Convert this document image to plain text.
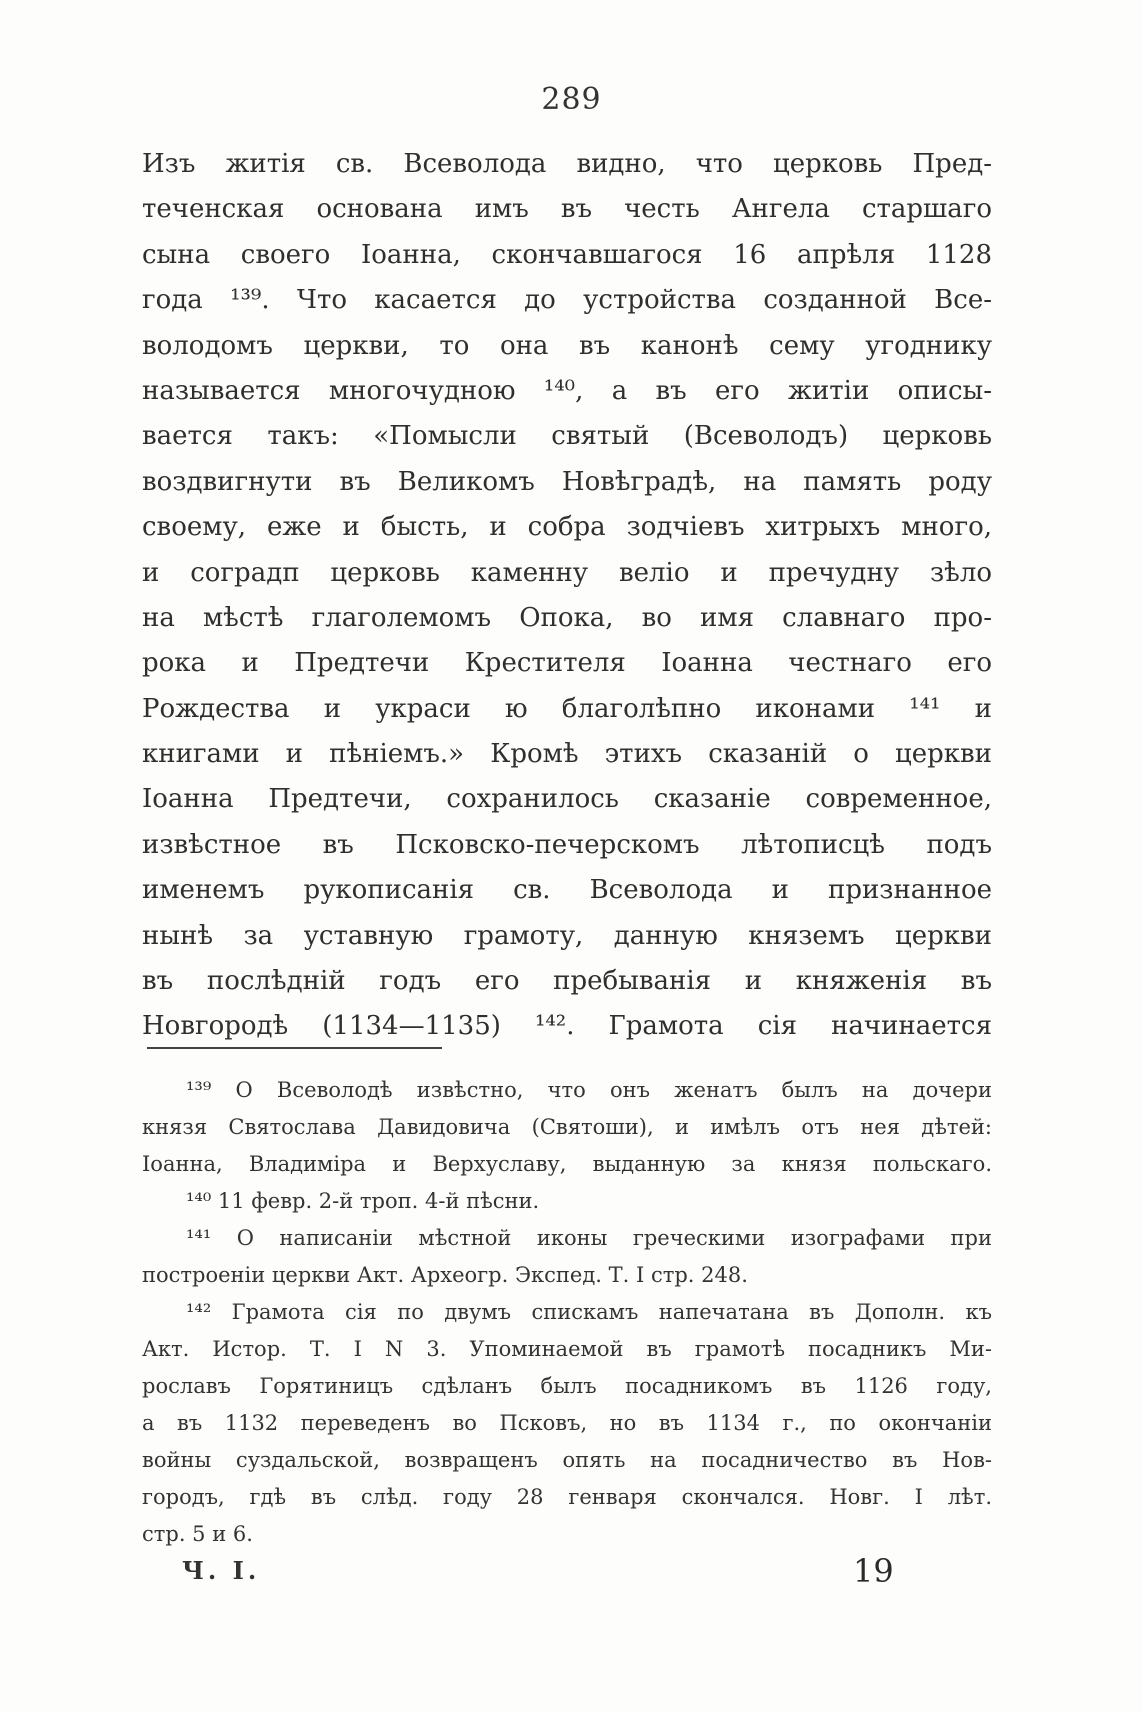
289
Изъ житія св. Всеволода видно, что церковь Пред-
теченская основана имъ въ честь Ангела старшаго
сына своего Іоанна, скончавшагося 16 апрѣля 1128
года ¹³⁹. Что касается до устройства созданной Все-
володомъ церкви, то она въ канонѣ сему угоднику
называется многочудною ¹⁴⁰, а въ его житіи описы-
вается такъ: «Помысли святый (Всеволодъ) церковь
воздвигнути въ Великомъ Новѣградѣ, на память роду
своему, еже и бысть, и собра зодчіевъ хитрыхъ много,
и соградп церковь каменну веліо и пречудну зѣло
на мѣстѣ глаголемомъ Опока, во имя славнаго про-
рока и Предтечи Крестителя Іоанна честнаго его
Рождества и украси ю благолѣпно иконами ¹⁴¹ и
книгами и пѣніемъ.» Кромѣ этихъ сказаній о церкви
Іоанна Предтечи, сохранилось сказаніе современное,
извѣстное въ Псковско-печерскомъ лѣтописцѣ подъ
именемъ рукописанія св. Всеволода и признанное
нынѣ за уставную грамоту, данную княземъ церкви
въ послѣдній годъ его пребыванія и княженія въ
Новгородѣ (1134—1135) ¹⁴². Грамота сія начинается
¹³⁹ О Всеволодѣ извѣстно, что онъ женатъ былъ на дочери
князя Святослава Давидовича (Святоши), и имѣлъ отъ нея дѣтей:
Іоанна, Владиміра и Верхуславу, выданную за князя польскаго.
¹⁴⁰ 11 февр. 2-й троп. 4-й пѣсни.
¹⁴¹ О написаніи мѣстной иконы греческими изографами при
построеніи церкви Акт. Археогр. Экспед. Т. I стр. 248.
¹⁴² Грамота сія по двумъ спискамъ напечатана въ Дополн. къ
Акт. Истор. Т. I N 3. Упоминаемой въ грамотѣ посадникъ Ми-
рославъ Горятиницъ сдѣланъ былъ посадникомъ въ 1126 году,
а въ 1132 переведенъ во Псковъ, но въ 1134 г., по окончаніи
войны суздальской, возвращенъ опять на посадничество въ Нов-
городъ, гдѣ въ слѣд. году 28 генваря скончался. Новг. I лѣт.
стр. 5 и 6.
Ч. I.	19
